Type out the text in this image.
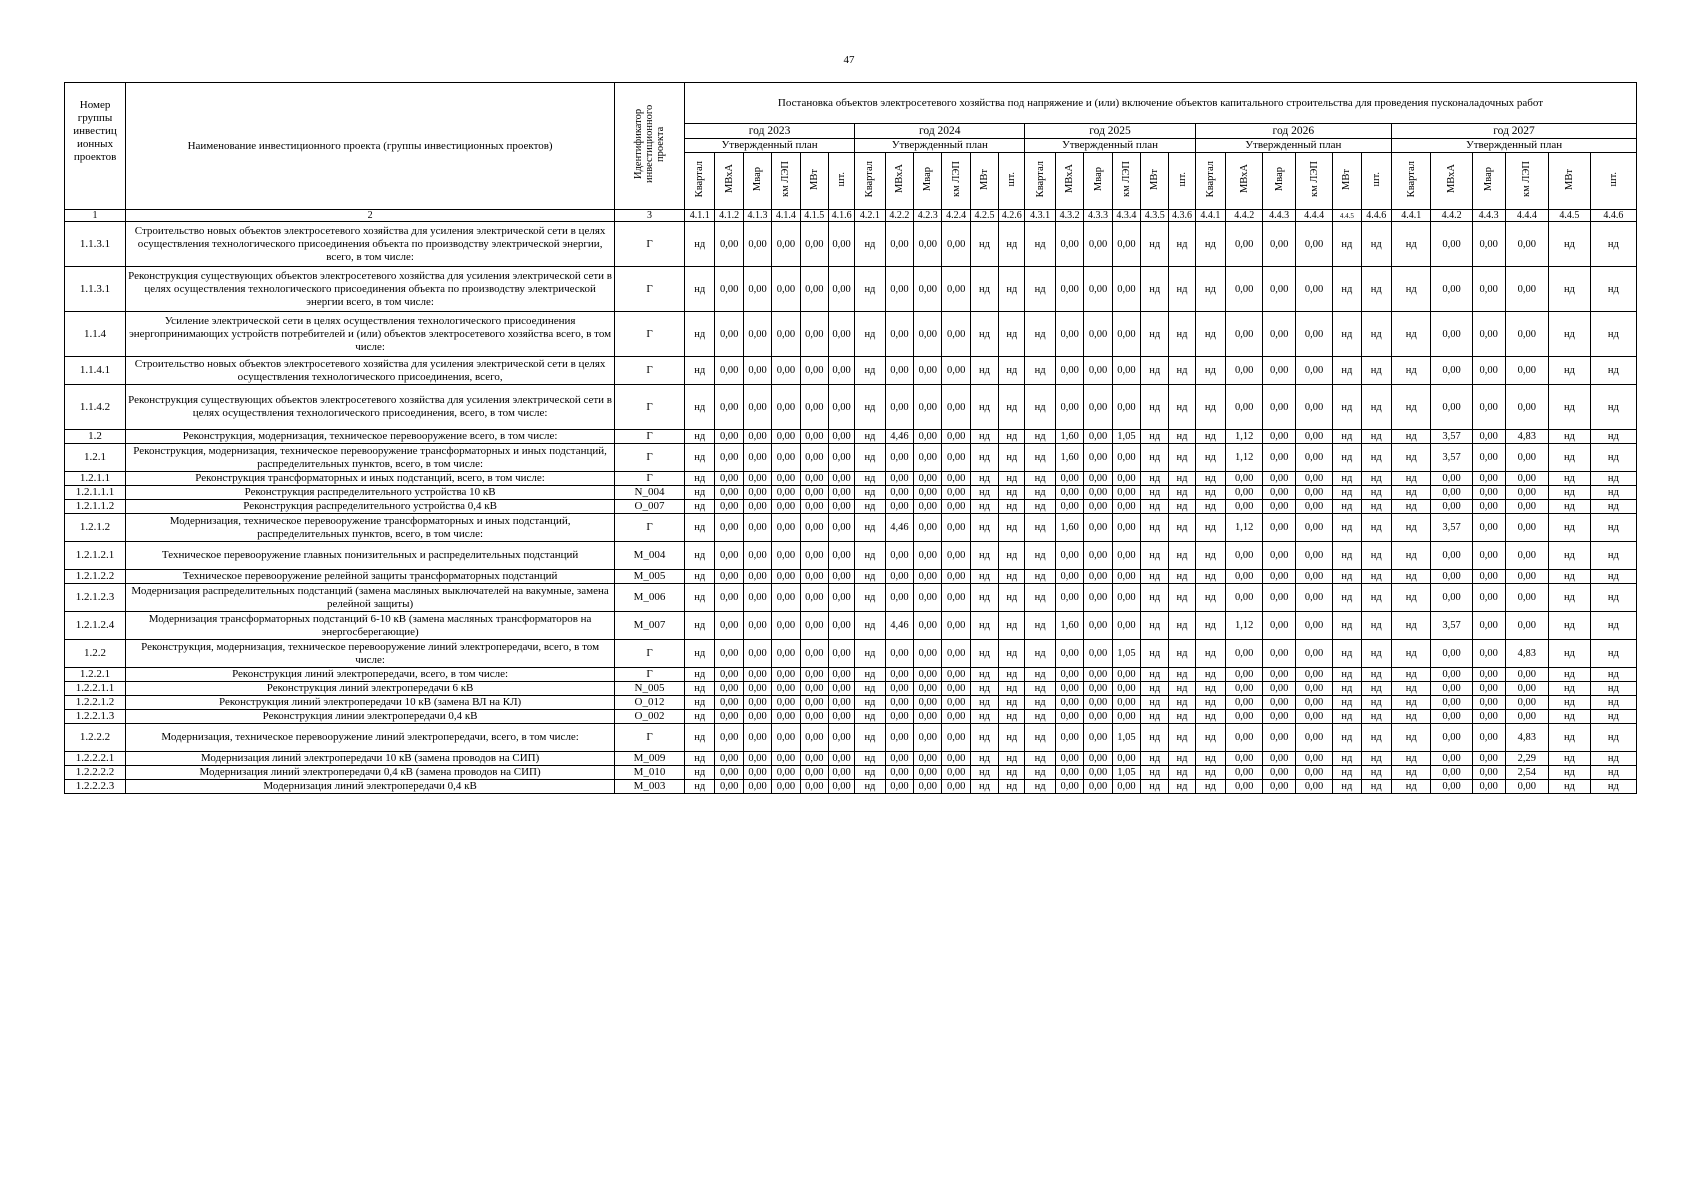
47
Номер группы инвестиц ионных проектов	Наименование инвестиционного проекта (группы инвестиционных проектов)	Идентификатор инвестиционного проекта	Постановка объектов электросетевого хозяйства под напряжение и (или) включение объектов капитального строительства для проведения пусконаладочных работ																													
			год 2023						год 2024						год 2025						год 2026						год 2027					
			Утвержденный план						Утвержденный план						Утвержденный план						Утвержденный план						Утвержденный план					
			Квартал	МВхА	Мвар	км ЛЭП	МВт	шт.	Квартал	МВхА	Мвар	км ЛЭП	МВт	шт.	Квартал	МВхА	Мвар	км ЛЭП	МВт	шт.	Квартал	МВхА	Мвар	км ЛЭП	МВт	шт.	Квартал	МВхА	Мвар	км ЛЭП	МВт	шт.
1	2	3	4.1.1	4.1.2	4.1.3	4.1.4	4.1.5	4.1.6	4.2.1	4.2.2	4.2.3	4.2.4	4.2.5	4.2.6	4.3.1	4.3.2	4.3.3	4.3.4	4.3.5	4.3.6	4.4.1	4.4.2	4.4.3	4.4.4	4.4.5	4.4.6	4.4.1	4.4.2	4.4.3	4.4.4	4.4.5	4.4.6
1.1.3.1	Строительство новых объектов электросетевого хозяйства для усиления электрической сети в целях осуществления технологического присоединения объекта по производству электрической энергии, всего, в том числе:	Г	нд	0,00	0,00	0,00	0,00	0,00	нд	0,00	0,00	0,00	нд	нд	нд	0,00	0,00	0,00	нд	нд	нд	0,00	0,00	0,00	нд	нд	нд	0,00	0,00	0,00	нд	нд
1.1.3.1	Реконструкция существующих объектов электросетевого хозяйства для усиления электрической сети в целях осуществления технологического присоединения объекта по производству электрической энергии всего, в том числе:	Г	нд	0,00	0,00	0,00	0,00	0,00	нд	0,00	0,00	0,00	нд	нд	нд	0,00	0,00	0,00	нд	нд	нд	0,00	0,00	0,00	нд	нд	нд	0,00	0,00	0,00	нд	нд
1.1.4	Усиление электрической сети в целях осуществления технологического присоединения энергопринимающих устройств потребителей и (или) объектов электросетевого хозяйства всего, в том числе:	Г	нд	0,00	0,00	0,00	0,00	0,00	нд	0,00	0,00	0,00	нд	нд	нд	0,00	0,00	0,00	нд	нд	нд	0,00	0,00	0,00	нд	нд	нд	0,00	0,00	0,00	нд	нд
1.1.4.1	Строительство новых объектов электросетевого хозяйства для усиления электрической сети в целях осуществления технологического присоединения, всего,	Г	нд	0,00	0,00	0,00	0,00	0,00	нд	0,00	0,00	0,00	нд	нд	нд	0,00	0,00	0,00	нд	нд	нд	0,00	0,00	0,00	нд	нд	нд	0,00	0,00	0,00	нд	нд
1.1.4.2	Реконструкция существующих объектов электросетевого хозяйства для усиления электрической сети в целях осуществления технологического присоединения, всего, в том числе:	Г	нд	0,00	0,00	0,00	0,00	0,00	нд	0,00	0,00	0,00	нд	нд	нд	0,00	0,00	0,00	нд	нд	нд	0,00	0,00	0,00	нд	нд	нд	0,00	0,00	0,00	нд	нд
1.2	Реконструкция, модернизация, техническое перевооружение всего, в том числе:	Г	нд	0,00	0,00	0,00	0,00	0,00	нд	4,46	0,00	0,00	нд	нд	нд	1,60	0,00	1,05	нд	нд	нд	1,12	0,00	0,00	нд	нд	нд	3,57	0,00	4,83	нд	нд
1.2.1	Реконструкция, модернизация, техническое перевооружение трансформаторных и иных подстанций, распределительных пунктов, всего, в том числе:	Г	нд	0,00	0,00	0,00	0,00	0,00	нд	0,00	0,00	0,00	нд	нд	нд	1,60	0,00	0,00	нд	нд	нд	1,12	0,00	0,00	нд	нд	нд	3,57	0,00	0,00	нд	нд
1.2.1.1	Реконструкция трансформаторных и иных подстанций, всего, в том числе:	Г	нд	0,00	0,00	0,00	0,00	0,00	нд	0,00	0,00	0,00	нд	нд	нд	0,00	0,00	0,00	нд	нд	нд	0,00	0,00	0,00	нд	нд	нд	0,00	0,00	0,00	нд	нд
1.2.1.1.1	Реконструкция распределительного устройства 10 кВ	N_004	нд	0,00	0,00	0,00	0,00	0,00	нд	0,00	0,00	0,00	нд	нд	нд	0,00	0,00	0,00	нд	нд	нд	0,00	0,00	0,00	нд	нд	нд	0,00	0,00	0,00	нд	нд
1.2.1.1.2	Реконструкция распределительного устройства 0,4 кВ	O_007	нд	0,00	0,00	0,00	0,00	0,00	нд	0,00	0,00	0,00	нд	нд	нд	0,00	0,00	0,00	нд	нд	нд	0,00	0,00	0,00	нд	нд	нд	0,00	0,00	0,00	нд	нд
1.2.1.2	Модернизация, техническое перевооружение трансформаторных и иных подстанций, распределительных пунктов, всего, в том числе:	Г	нд	0,00	0,00	0,00	0,00	0,00	нд	4,46	0,00	0,00	нд	нд	нд	1,60	0,00	0,00	нд	нд	нд	1,12	0,00	0,00	нд	нд	нд	3,57	0,00	0,00	нд	нд
1.2.1.2.1	Техническое перевооружение главных понизительных и распределительных подстанций	M_004	нд	0,00	0,00	0,00	0,00	0,00	нд	0,00	0,00	0,00	нд	нд	нд	0,00	0,00	0,00	нд	нд	нд	0,00	0,00	0,00	нд	нд	нд	0,00	0,00	0,00	нд	нд
1.2.1.2.2	Техническое перевооружение релейной защиты трансформаторных подстанций	M_005	нд	0,00	0,00	0,00	0,00	0,00	нд	0,00	0,00	0,00	нд	нд	нд	0,00	0,00	0,00	нд	нд	нд	0,00	0,00	0,00	нд	нд	нд	0,00	0,00	0,00	нд	нд
1.2.1.2.3	Модернизация распределительных подстанций (замена масляных выключателей на вакумные, замена релейной защиты)	M_006	нд	0,00	0,00	0,00	0,00	0,00	нд	0,00	0,00	0,00	нд	нд	нд	0,00	0,00	0,00	нд	нд	нд	0,00	0,00	0,00	нд	нд	нд	0,00	0,00	0,00	нд	нд
1.2.1.2.4	Модернизация трансформаторных подстанций 6-10 кВ (замена масляных трансформаторов на энергосберегающие)	M_007	нд	0,00	0,00	0,00	0,00	0,00	нд	4,46	0,00	0,00	нд	нд	нд	1,60	0,00	0,00	нд	нд	нд	1,12	0,00	0,00	нд	нд	нд	3,57	0,00	0,00	нд	нд
1.2.2	Реконструкция, модернизация, техническое перевооружение линий электропередачи, всего, в том числе:	Г	нд	0,00	0,00	0,00	0,00	0,00	нд	0,00	0,00	0,00	нд	нд	нд	0,00	0,00	1,05	нд	нд	нд	0,00	0,00	0,00	нд	нд	нд	0,00	0,00	4,83	нд	нд
1.2.2.1	Реконструкция линий электропередачи, всего, в том числе:	Г	нд	0,00	0,00	0,00	0,00	0,00	нд	0,00	0,00	0,00	нд	нд	нд	0,00	0,00	0,00	нд	нд	нд	0,00	0,00	0,00	нд	нд	нд	0,00	0,00	0,00	нд	нд
1.2.2.1.1	Реконструкция линий электропередачи 6 кВ	N_005	нд	0,00	0,00	0,00	0,00	0,00	нд	0,00	0,00	0,00	нд	нд	нд	0,00	0,00	0,00	нд	нд	нд	0,00	0,00	0,00	нд	нд	нд	0,00	0,00	0,00	нд	нд
1.2.2.1.2	Реконструкция линий электропередачи 10 кВ (замена ВЛ на КЛ)	O_012	нд	0,00	0,00	0,00	0,00	0,00	нд	0,00	0,00	0,00	нд	нд	нд	0,00	0,00	0,00	нд	нд	нд	0,00	0,00	0,00	нд	нд	нд	0,00	0,00	0,00	нд	нд
1.2.2.1.3	Реконструкция линии электропередачи 0,4 кВ	O_002	нд	0,00	0,00	0,00	0,00	0,00	нд	0,00	0,00	0,00	нд	нд	нд	0,00	0,00	0,00	нд	нд	нд	0,00	0,00	0,00	нд	нд	нд	0,00	0,00	0,00	нд	нд
1.2.2.2	Модернизация, техническое перевооружение линий электропередачи, всего, в том числе:	Г	нд	0,00	0,00	0,00	0,00	0,00	нд	0,00	0,00	0,00	нд	нд	нд	0,00	0,00	1,05	нд	нд	нд	0,00	0,00	0,00	нд	нд	нд	0,00	0,00	4,83	нд	нд
1.2.2.2.1	Модернизация линий электропередачи 10 кВ (замена проводов на СИП)	M_009	нд	0,00	0,00	0,00	0,00	0,00	нд	0,00	0,00	0,00	нд	нд	нд	0,00	0,00	0,00	нд	нд	нд	0,00	0,00	0,00	нд	нд	нд	0,00	0,00	2,29	нд	нд
1.2.2.2.2	Модернизация линий электропередачи 0,4 кВ (замена проводов на СИП)	M_010	нд	0,00	0,00	0,00	0,00	0,00	нд	0,00	0,00	0,00	нд	нд	нд	0,00	0,00	1,05	нд	нд	нд	0,00	0,00	0,00	нд	нд	нд	0,00	0,00	2,54	нд	нд
1.2.2.2.3	Модернизация линий электропередачи 0,4 кВ	M_003	нд	0,00	0,00	0,00	0,00	0,00	нд	0,00	0,00	0,00	нд	нд	нд	0,00	0,00	0,00	нд	нд	нд	0,00	0,00	0,00	нд	нд	нд	0,00	0,00	0,00	нд	нд
